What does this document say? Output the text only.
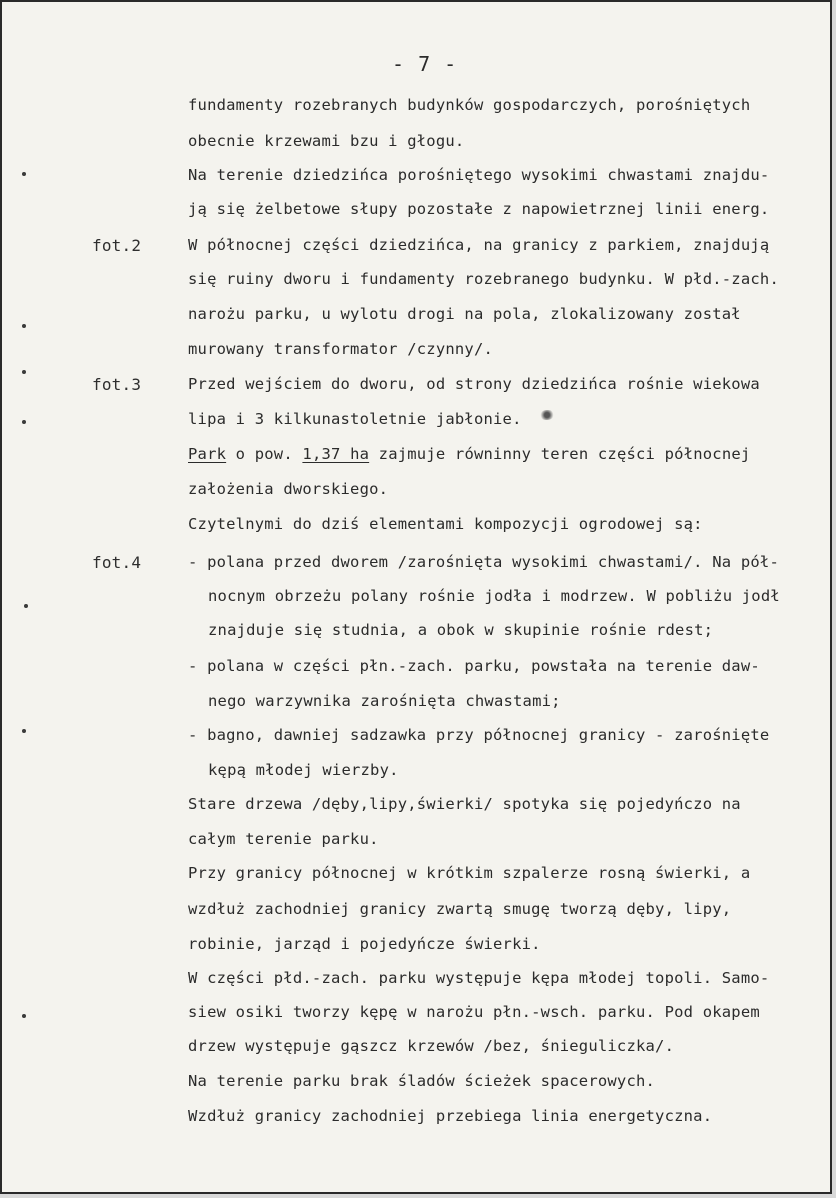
- 7 -
fot.2
fot.3
fot.4
fundamenty rozebranych budynków gospodarczych, porośniętych
obecnie krzewami bzu i głogu.
Na terenie dziedzińca porośniętego wysokimi chwastami znajdu-
ją się żelbetowe słupy pozostałe z napowietrznej linii energ.
W północnej części dziedzińca, na granicy z parkiem, znajdują
się ruiny dworu i fundamenty rozebranego budynku. W płd.-zach.
narożu parku, u wylotu drogi na pola, zlokalizowany został
murowany transformator /czynny/.
Przed wejściem do dworu, od strony dziedzińca rośnie wiekowa
lipa i 3 kilkunastoletnie jabłonie.
Park o pow. 1,37 ha zajmuje równinny teren części północnej
założenia dworskiego.
Czytelnymi do dziś elementami kompozycji ogrodowej są:
- polana przed dworem /zarośnięta wysokimi chwastami/. Na pół-
nocnym obrzeżu polany rośnie jodła i modrzew. W pobliżu jodł
znajduje się studnia, a obok w skupinie rośnie rdest;
- polana w części płn.-zach. parku, powstała na terenie daw-
nego warzywnika zarośnięta chwastami;
- bagno, dawniej sadzawka przy północnej granicy - zarośnięte
kępą młodej wierzby.
Stare drzewa /dęby,lipy,świerki/ spotyka się pojedyńczo na
całym terenie parku.
Przy granicy północnej w krótkim szpalerze rosną świerki, a
wzdłuż zachodniej granicy zwartą smugę tworzą dęby, lipy,
robinie, jarząd i pojedyńcze świerki.
W części płd.-zach. parku występuje kępa młodej topoli. Samo-
siew osiki tworzy kępę w narożu płn.-wsch. parku. Pod okapem
drzew występuje gąszcz krzewów /bez, śnieguliczka/.
Na terenie parku brak śladów ścieżek spacerowych.
Wzdłuż granicy zachodniej przebiega linia energetyczna.
